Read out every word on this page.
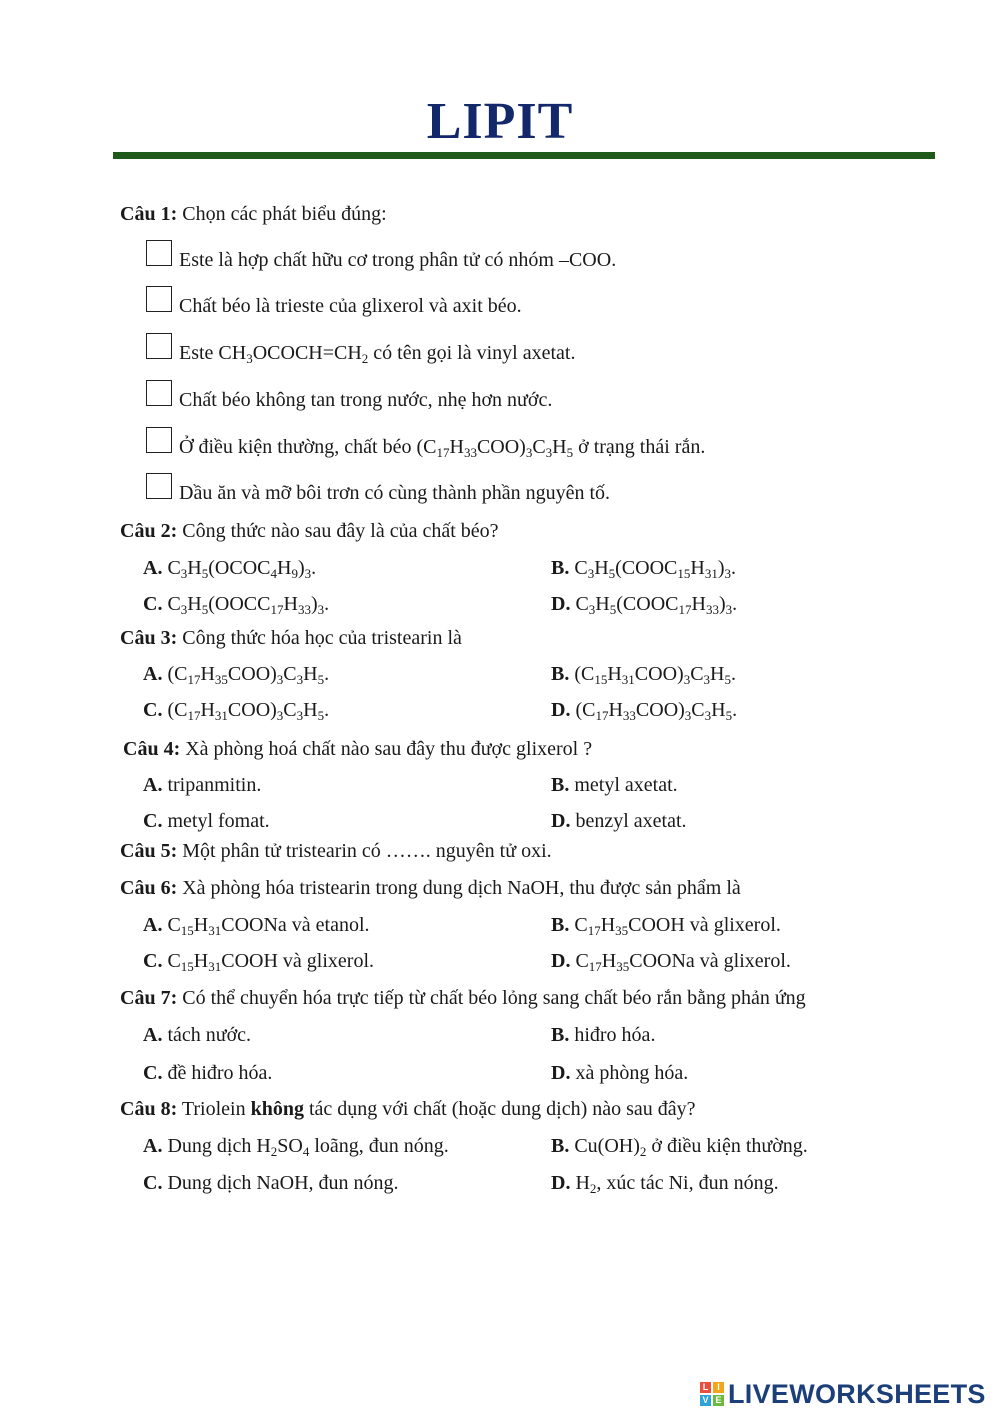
LIPIT
Câu 1: Chọn các phát biểu đúng:
Este là hợp chất hữu cơ trong phân tử có nhóm –COO.
Chất béo là trieste của glixerol và axit béo.
Este $CH_3OCOCH=CH_2$ có tên gọi là vinyl axetat.
Chất béo không tan trong nước, nhẹ hơn nước.
Ở điều kiện thường, chất béo $(C_{17}H_{33}COO)_3C_3H_5$ ở trạng thái rắn.
Dầu ăn và mỡ bôi trơn có cùng thành phần nguyên tố.
Câu 2: Công thức nào sau đây là của chất béo?
A. $C_3H_5(OCOC_4H_9)_3$.	B. $C_3H_5(COOC_{15}H_{31})_3$.
C. $C_3H_5(OOCC_{17}H_{33})_3$.	D. $C_3H_5(COOC_{17}H_{33})_3$.
Câu 3: Công thức hóa học của tristearin là
A. $(C_{17}H_{35}COO)_3C_3H_5$.	B. $(C_{15}H_{31}COO)_3C_3H_5$.
C. $(C_{17}H_{31}COO)_3C_3H_5$.	D. $(C_{17}H_{33}COO)_3C_3H_5$.
Câu 4: Xà phòng hoá chất nào sau đây thu được glixerol ?
A. tripanmitin.	B. metyl axetat.
C. metyl fomat.	D. benzyl axetat.
Câu 5: Một phân tử tristearin có ……. nguyên tử oxi.
Câu 6: Xà phòng hóa tristearin trong dung dịch NaOH, thu được sản phẩm là
A. $C_{15}H_{31}COONa$ và etanol.	B. $C_{17}H_{35}COOH$ và glixerol.
C. $C_{15}H_{31}COOH$ và glixerol.	D. $C_{17}H_{35}COONa$ và glixerol.
Câu 7: Có thể chuyển hóa trực tiếp từ chất béo lỏng sang chất béo rắn bằng phản ứng
A. tách nước.	B. hiđro hóa.
C. đề hiđro hóa.	D. xà phòng hóa.
Câu 8: Triolein không tác dụng với chất (hoặc dung dịch) nào sau đây?
A. Dung dịch $H_2SO_4$ loãng, đun nóng.	B. $Cu(OH)_2$ ở điều kiện thường.
C. Dung dịch NaOH, đun nóng.	D. $H_2$, xúc tác Ni, đun nóng.
L I
V E LIVEWORKSHEETS
